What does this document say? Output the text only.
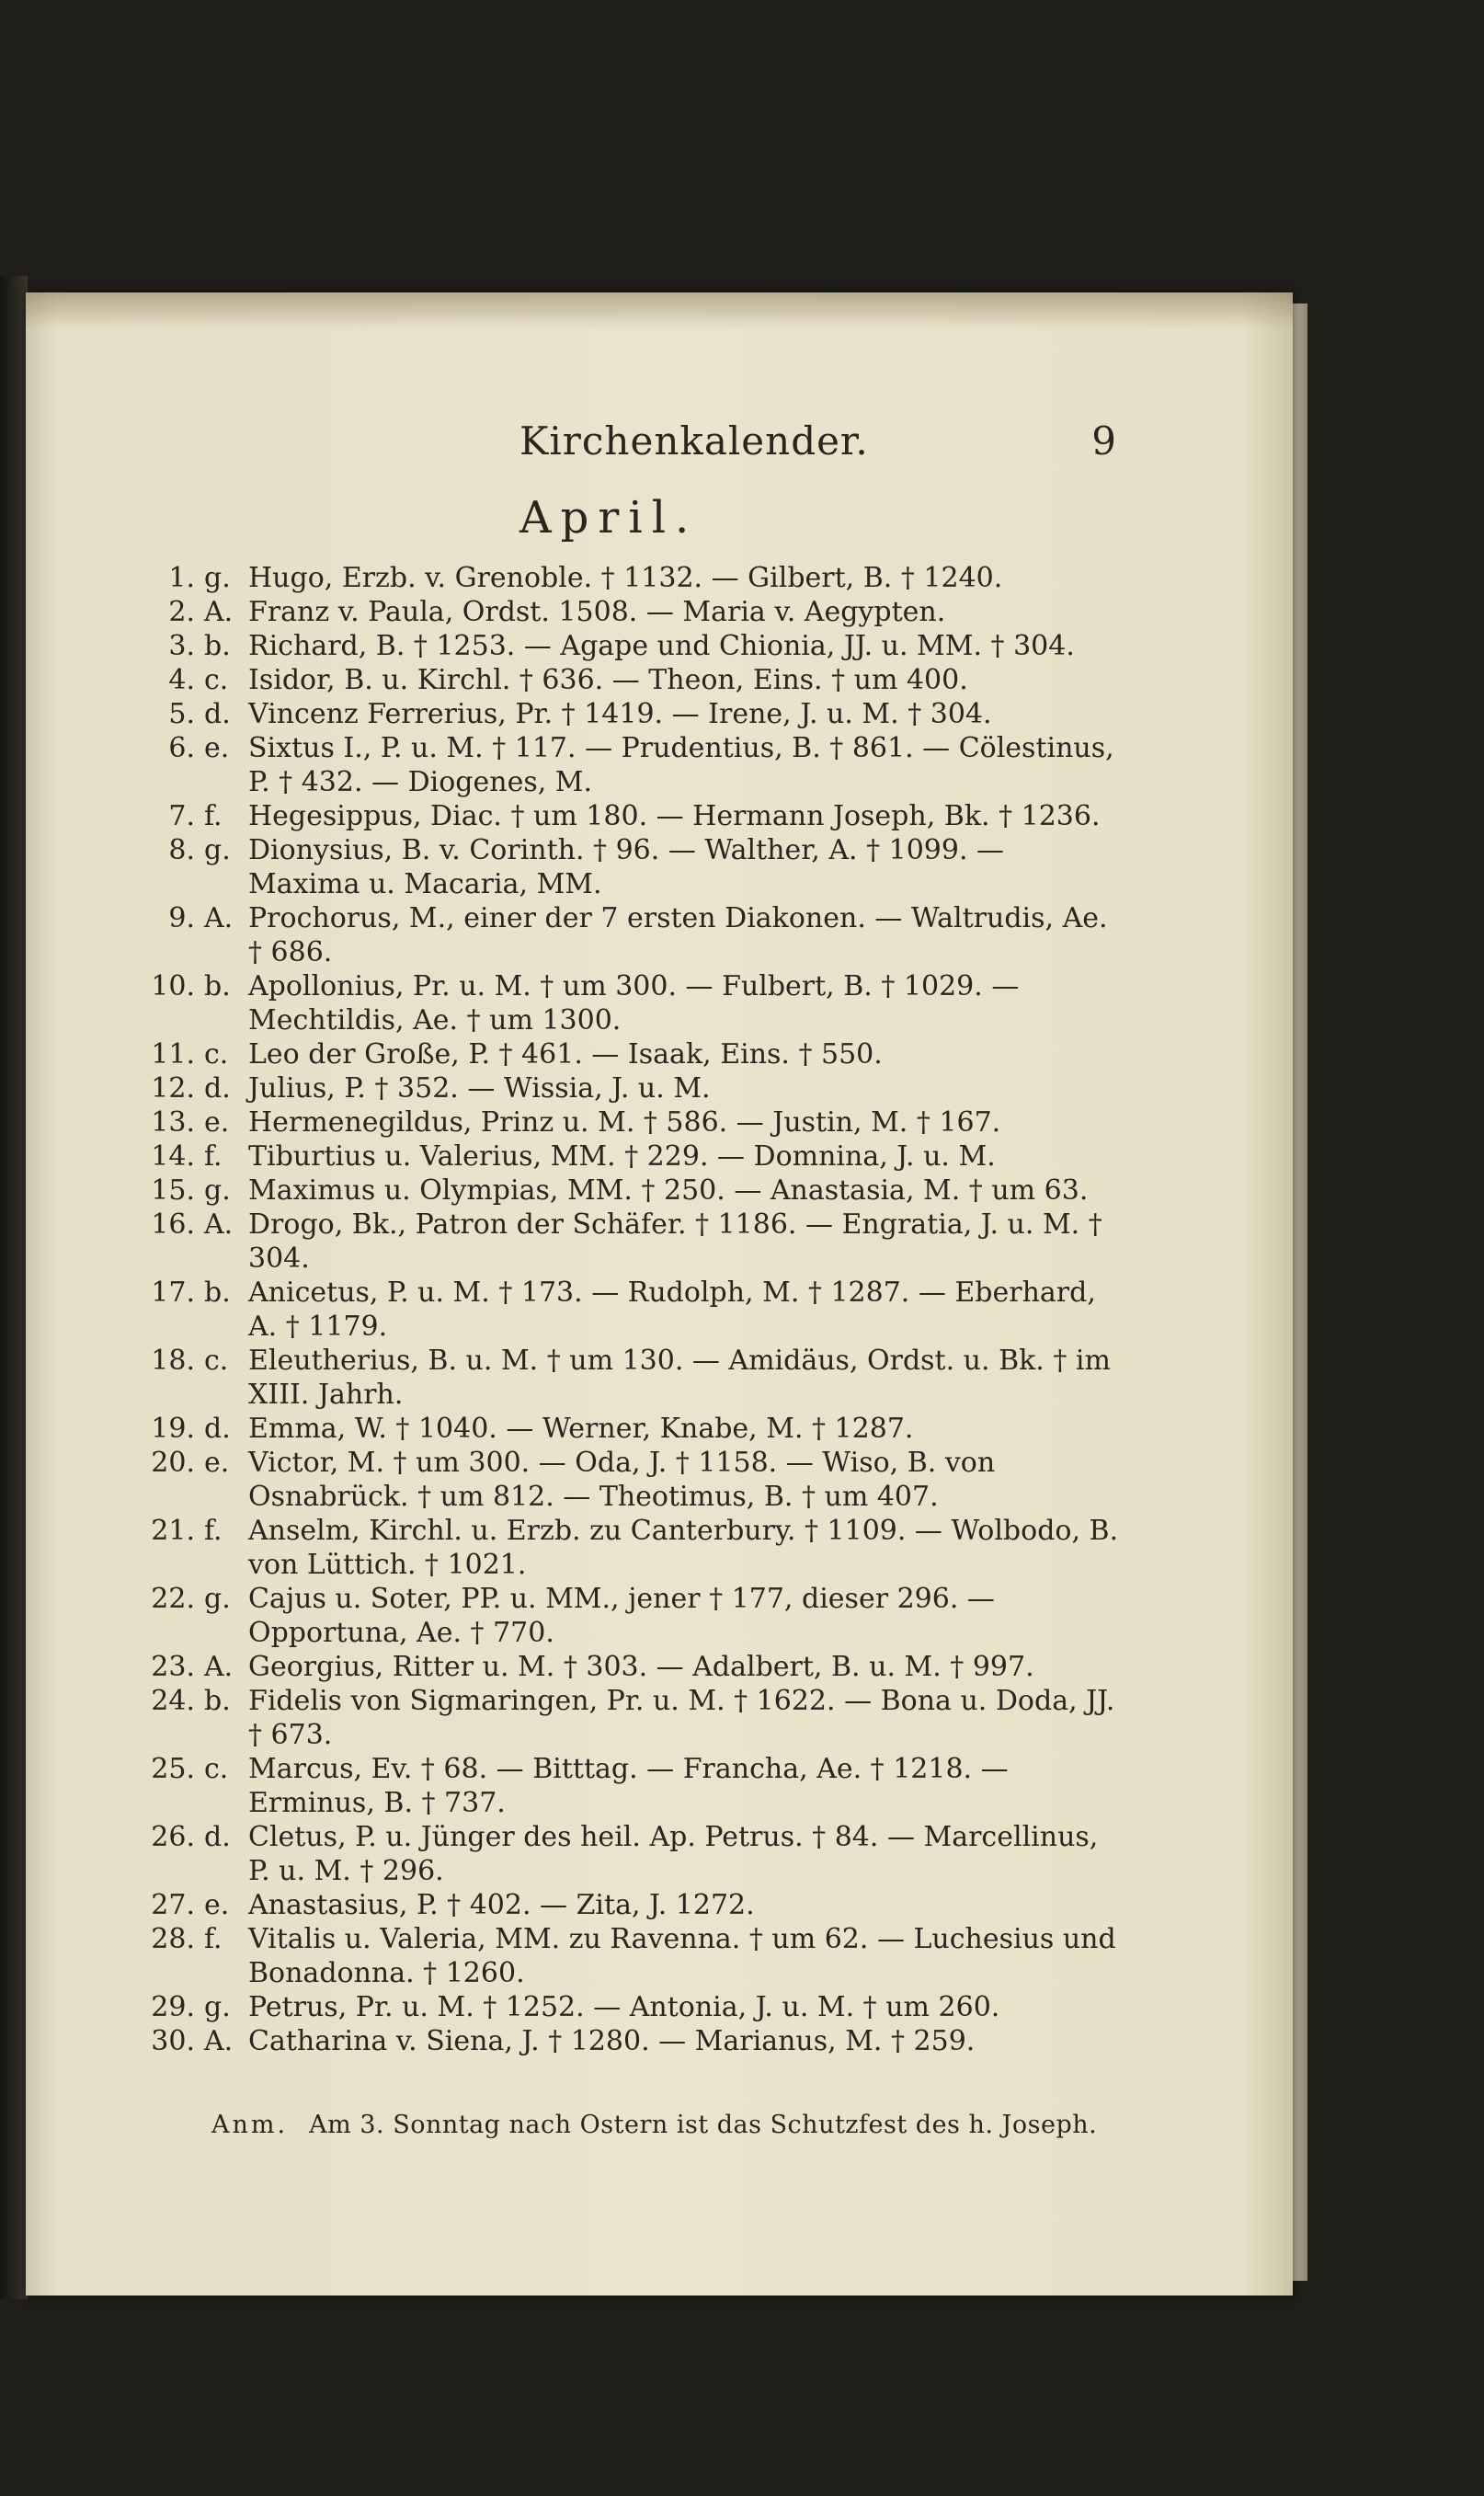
Kirchenkalender.	9
April.
1. g. Hugo, Erzb. v. Grenoble. † 1132. — Gilbert, B. † 1240.
2. A. Franz v. Paula, Ordst. 1508. — Maria v. Aegypten.
3. b. Richard, B. † 1253. — Agape und Chionia, JJ. u. MM. † 304.
4. c. Isidor, B. u. Kirchl. † 636. — Theon, Eins. † um 400.
5. d. Vincenz Ferrerius, Pr. † 1419. — Irene, J. u. M. † 304.
6. e. Sixtus I., P. u. M. † 117. — Prudentius, B. † 861. — Cölestinus, P. † 432. — Diogenes, M.
7. f. Hegesippus, Diac. † um 180. — Hermann Joseph, Bk. † 1236.
8. g. Dionysius, B. v. Corinth. † 96. — Walther, A. † 1099. — Maxima u. Macaria, MM.
9. A. Prochorus, M., einer der 7 ersten Diakonen. — Waltrudis, Ae. † 686.
10. b. Apollonius, Pr. u. M. † um 300. — Fulbert, B. † 1029. — Mechtildis, Ae. † um 1300.
11. c. Leo der Große, P. † 461. — Isaak, Eins. † 550.
12. d. Julius, P. † 352. — Wissia, J. u. M.
13. e. Hermenegildus, Prinz u. M. † 586. — Justin, M. † 167.
14. f. Tiburtius u. Valerius, MM. † 229. — Domnina, J. u. M.
15. g. Maximus u. Olympias, MM. † 250. — Anastasia, M. † um 63.
16. A. Drogo, Bk., Patron der Schäfer. † 1186. — Engratia, J. u. M. † 304.
17. b. Anicetus, P. u. M. † 173. — Rudolph, M. † 1287. — Eberhard, A. † 1179.
18. c. Eleutherius, B. u. M. † um 130. — Amidäus, Ordst. u. Bk. † im XIII. Jahrh.
19. d. Emma, W. † 1040. — Werner, Knabe, M. † 1287.
20. e. Victor, M. † um 300. — Oda, J. † 1158. — Wiso, B. von Osnabrück. † um 812. — Theotimus, B. † um 407.
21. f. Anselm, Kirchl. u. Erzb. zu Canterbury. † 1109. — Wolbodo, B. von Lüttich. † 1021.
22. g. Cajus u. Soter, PP. u. MM., jener † 177, dieser 296. — Opportuna, Ae. † 770.
23. A. Georgius, Ritter u. M. † 303. — Adalbert, B. u. M. † 997.
24. b. Fidelis von Sigmaringen, Pr. u. M. † 1622. — Bona u. Doda, JJ. † 673.
25. c. Marcus, Ev. † 68. — Bitttag. — Francha, Ae. † 1218. — Erminus, B. † 737.
26. d. Cletus, P. u. Jünger des heil. Ap. Petrus. † 84. — Marcellinus, P. u. M. † 296.
27. e. Anastasius, P. † 402. — Zita, J. 1272.
28. f. Vitalis u. Valeria, MM. zu Ravenna. † um 62. — Luchesius und Bonadonna. † 1260.
29. g. Petrus, Pr. u. M. † 1252. — Antonia, J. u. M. † um 260.
30. A. Catharina v. Siena, J. † 1280. — Marianus, M. † 259.
Anm. Am 3. Sonntag nach Ostern ist das Schutzfest des h. Joseph.
